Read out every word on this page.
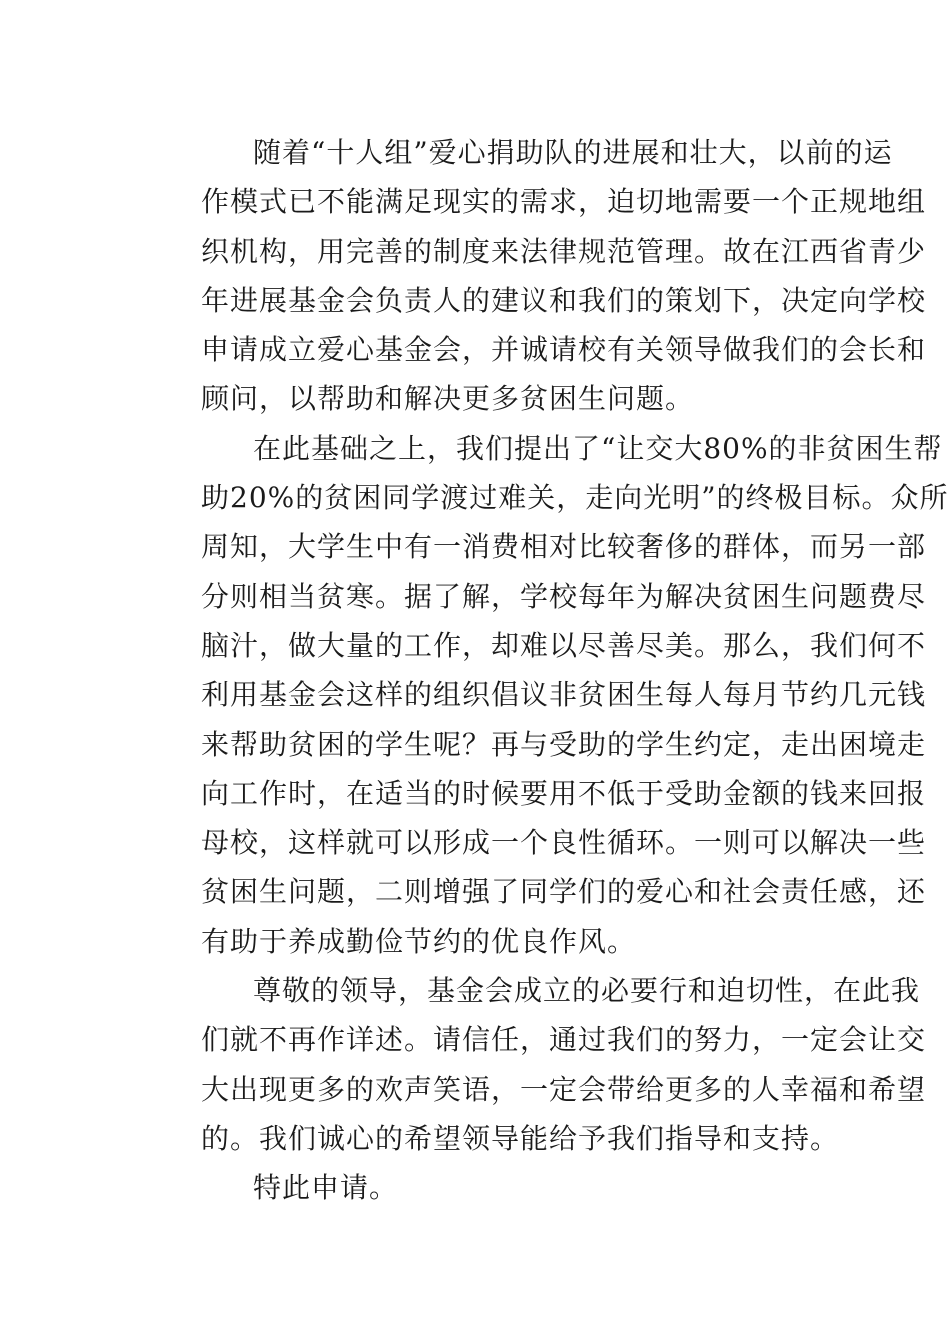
随着“十人组”爱心捐助队的进展和壮大，以前的运
作模式已不能满足现实的需求，迫切地需要一个正规地组
织机构，用完善的制度来法律规范管理。故在江西省青少
年进展基金会负责人的建议和我们的策划下，决定向学校
申请成立爱心基金会，并诚请校有关领导做我们的会长和
顾问，以帮助和解决更多贫困生问题。
在此基础之上，我们提出了“让交大80%的非贫困生帮
助20%的贫困同学渡过难关，走向光明”的终极目标。众所
周知，大学生中有一消费相对比较奢侈的群体，而另一部
分则相当贫寒。据了解，学校每年为解决贫困生问题费尽
脑汁，做大量的工作，却难以尽善尽美。那么，我们何不
利用基金会这样的组织倡议非贫困生每人每月节约几元钱
来帮助贫困的学生呢？再与受助的学生约定，走出困境走
向工作时，在适当的时候要用不低于受助金额的钱来回报
母校，这样就可以形成一个良性循环。一则可以解决一些
贫困生问题，二则增强了同学们的爱心和社会责任感，还
有助于养成勤俭节约的优良作风。
尊敬的领导，基金会成立的必要行和迫切性，在此我
们就不再作详述。请信任，通过我们的努力，一定会让交
大出现更多的欢声笑语，一定会带给更多的人幸福和希望
的。我们诚心的希望领导能给予我们指导和支持。
特此申请。
